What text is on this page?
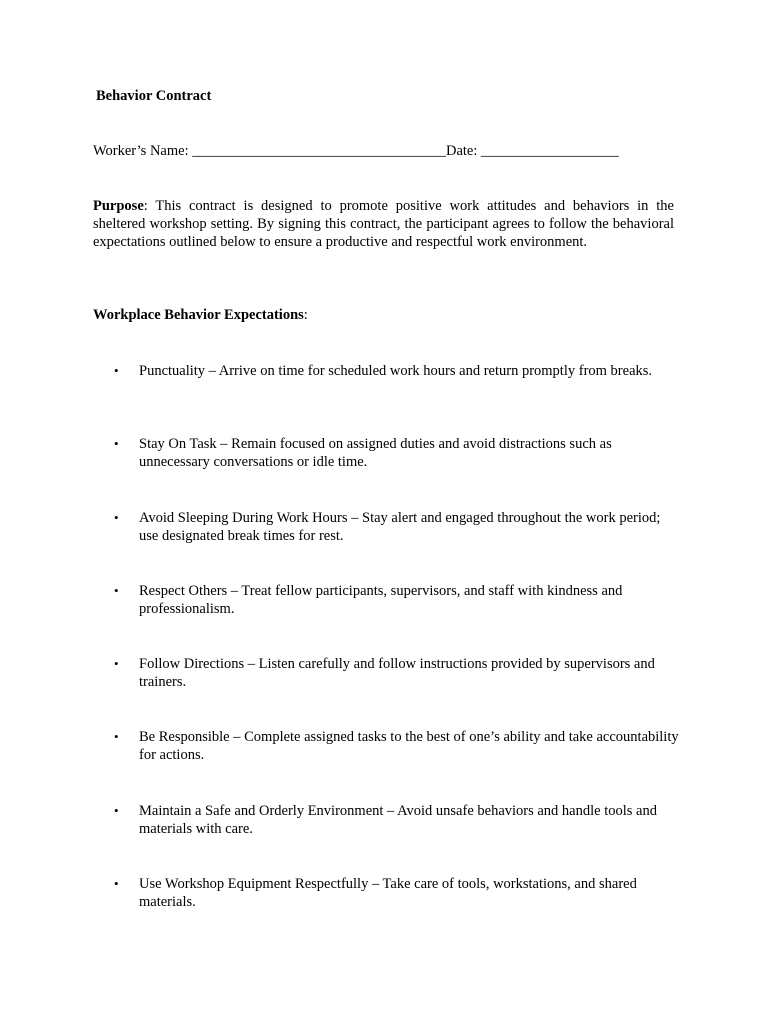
Behavior Contract
Worker’s Name: ___________________________________Date: ___________________
Purpose: This contract is designed to promote positive work attitudes and behaviors in the sheltered workshop setting. By signing this contract, the participant agrees to follow the behavioral expectations outlined below to ensure a productive and respectful work environment.
Workplace Behavior Expectations:
• Punctuality – Arrive on time for scheduled work hours and return promptly from breaks.
• Stay On Task – Remain focused on assigned duties and avoid distractions such as unnecessary conversations or idle time.
• Avoid Sleeping During Work Hours – Stay alert and engaged throughout the work period; use designated break times for rest.
• Respect Others – Treat fellow participants, supervisors, and staff with kindness and professionalism.
• Follow Directions – Listen carefully and follow instructions provided by supervisors and trainers.
• Be Responsible – Complete assigned tasks to the best of one’s ability and take accountability for actions.
• Maintain a Safe and Orderly Environment – Avoid unsafe behaviors and handle tools and materials with care.
• Use Workshop Equipment Respectfully – Take care of tools, workstations, and shared materials.
